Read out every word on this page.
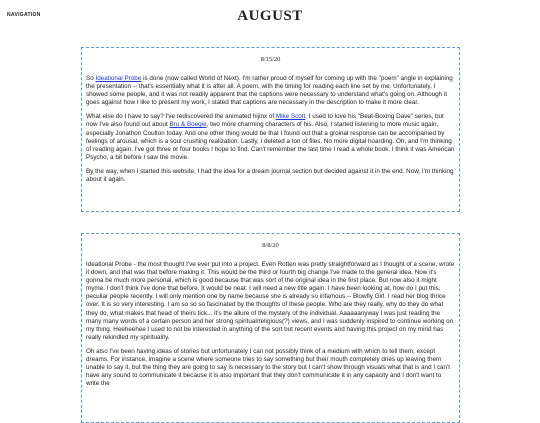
NAVIGATION	AUGUST
8/15/20

So Ideational Probe is done (now called World of Next). I'm rather proud of myself for coming up with the "poem" angle in explaining the presentation -- that's essentially what it is after all. A poem, with the timing for reading each line set by me. Unfortunately, I showed some people, and it was not readily apparent that the captions were necessary to understand what's going on. Although it goes against how I like to present my work, I stated that captions are necessary in the description to make it more clear.

What else do I have to say? I've rediscovered the animated hijinx of Mike Scott. I used to love his "Beat-Boxing Dave" series, but now I've also found out about Bru & Boegie, two more charming characters of his. Also, I started listening to more music again, especially Jonathon Coulton today. And one other thing would be that I found out that a groinal response can be accompanied by feelings of arousal, which is a soul crushing realization. Lastly, I deleted a ton of files. No more digital hoarding. Oh, and I'm thinking of reading again. I've got three or four books I hope to find. Can't remember the last time I read a whole book. I think it was American Psycho, a bit before I saw the movie.

By the way, when I started this website, I had the idea for a dream journal section but decided against it in the end. Now, I'm thinking about it again.

8/8/20

Ideational Probe - the most thought I've ever put into a project. Even Rotten was pretty straightforward as I thought of a scene, wrote it down, and that was that before making it. This would be the third or fourth big change I've made to the general idea. Now it's gonna be much more personal, which is good because that was sort of the original idea in the first place. But now also it might myme. I don't think I've done that before. It would be neat. I will need a new title again. I have been looking at, how do I put this, peculiar people recently. I will only mention one by name because she is already so infamous -- Blowfly Girl. I read her blog thrice over. It is so very interesting. I am so so so fascinated by the thoughts of these people. Who are they really, why do they do what they do, what makes that head of theirs tick... it's the allure of the mystery of the individual. Aaaaaanyway I was just reading the many many words of a certain person and her strong spiritual/religious(?) views, and I was suddenly inspired to continue working on my thing. Heeheehee I used to not be interested in anything of the sort but recent events and having this project on my mind has really rekindled my spirituality.

Oh also I've been having ideas of stories but unfortunately I can not possibly think of a medium with which to tell them, except dreams. For instance, imagine a scene where someone tries to say something but their mouth completely dries up leaving them unable to say it, but the thing they are going to say is necessary to the story but I can't show through visuals what that is and I can't have any sound to communicate it because it is also important that they don't communicate it in any capacity and I don't want to write the
